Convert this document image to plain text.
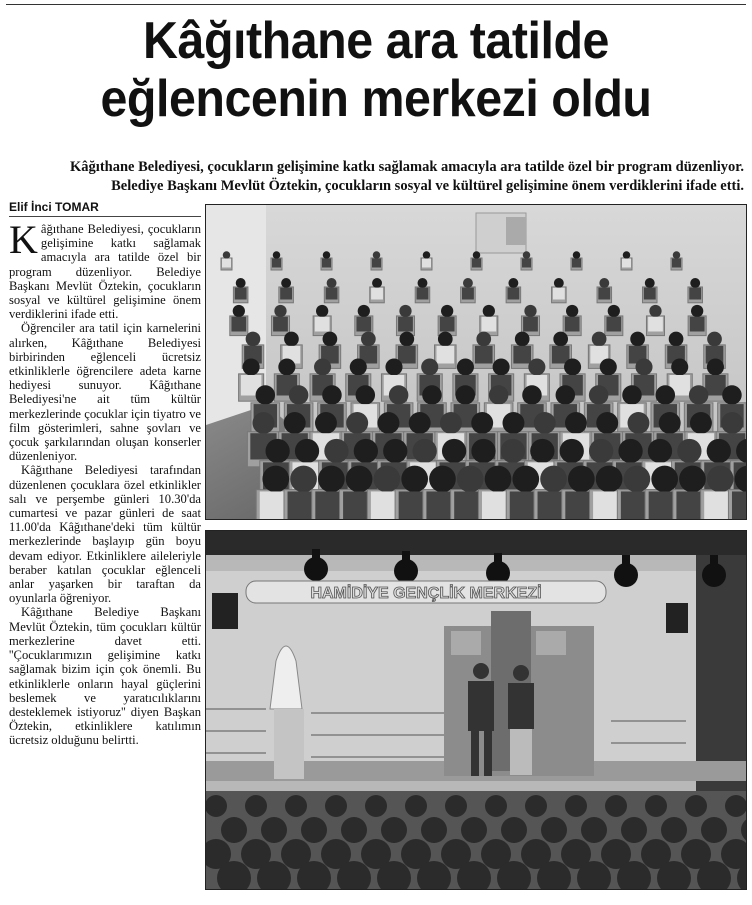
Kâğıthane ara tatilde
eğlencenin merkezi oldu
Kâğıthane Belediyesi, çocukların gelişimine katkı sağlamak amacıyla ara tatilde özel bir program düzenliyor.
Belediye Başkanı Mevlüt Öztekin, çocukların sosyal ve kültürel gelişimine önem verdiklerini ifade etti.
Elif İnci TOMAR

Kâğıthane Belediyesi, çocukların gelişimine katkı sağlamak amacıyla ara tatilde özel bir program düzenliyor. Belediye Başkanı Mevlüt Öztekin, çocukların sosyal ve kültürel gelişimine önem verdiklerini ifade etti.

Öğrenciler ara tatil için karnelerini alırken, Kâğıthane Belediyesi birbirinden eğlenceli ücretsiz etkinliklerle öğrencilere adeta karne hediyesi sunuyor. Kâğıthane Belediyesi'ne ait tüm kültür merkezlerinde çocuklar için tiyatro ve film gösterimleri, sahne şovları ve çocuk şarkılarından oluşan konserler düzenleniyor.

Kâğıthane Belediyesi tarafından düzenlenen çocuklara özel etkinlikler salı ve perşembe günleri 10.30'da cumartesi ve pazar günleri de saat 11.00'da Kâğıthane'deki tüm kültür merkezlerinde başlayıp gün boyu devam ediyor. Etkinliklere aileleriyle beraber katılan çocuklar eğlenceli anlar yaşarken bir taraftan da oyunlarla öğreniyor.

Kâğıthane Belediye Başkanı Mevlüt Öztekin, tüm çocukları kültür merkezlerine davet etti. ''Çocuklarımızın gelişimine katkı sağlamak bizim için çok önemli. Bu etkinliklerle onların hayal güçlerini beslemek ve yaratıcılıklarını desteklemek istiyoruz'' diyen Başkan Öztekin, etkinliklere katılımın ücretsiz olduğunu belirtti.

HAMİDİYE GENÇLİK MERKEZİ
